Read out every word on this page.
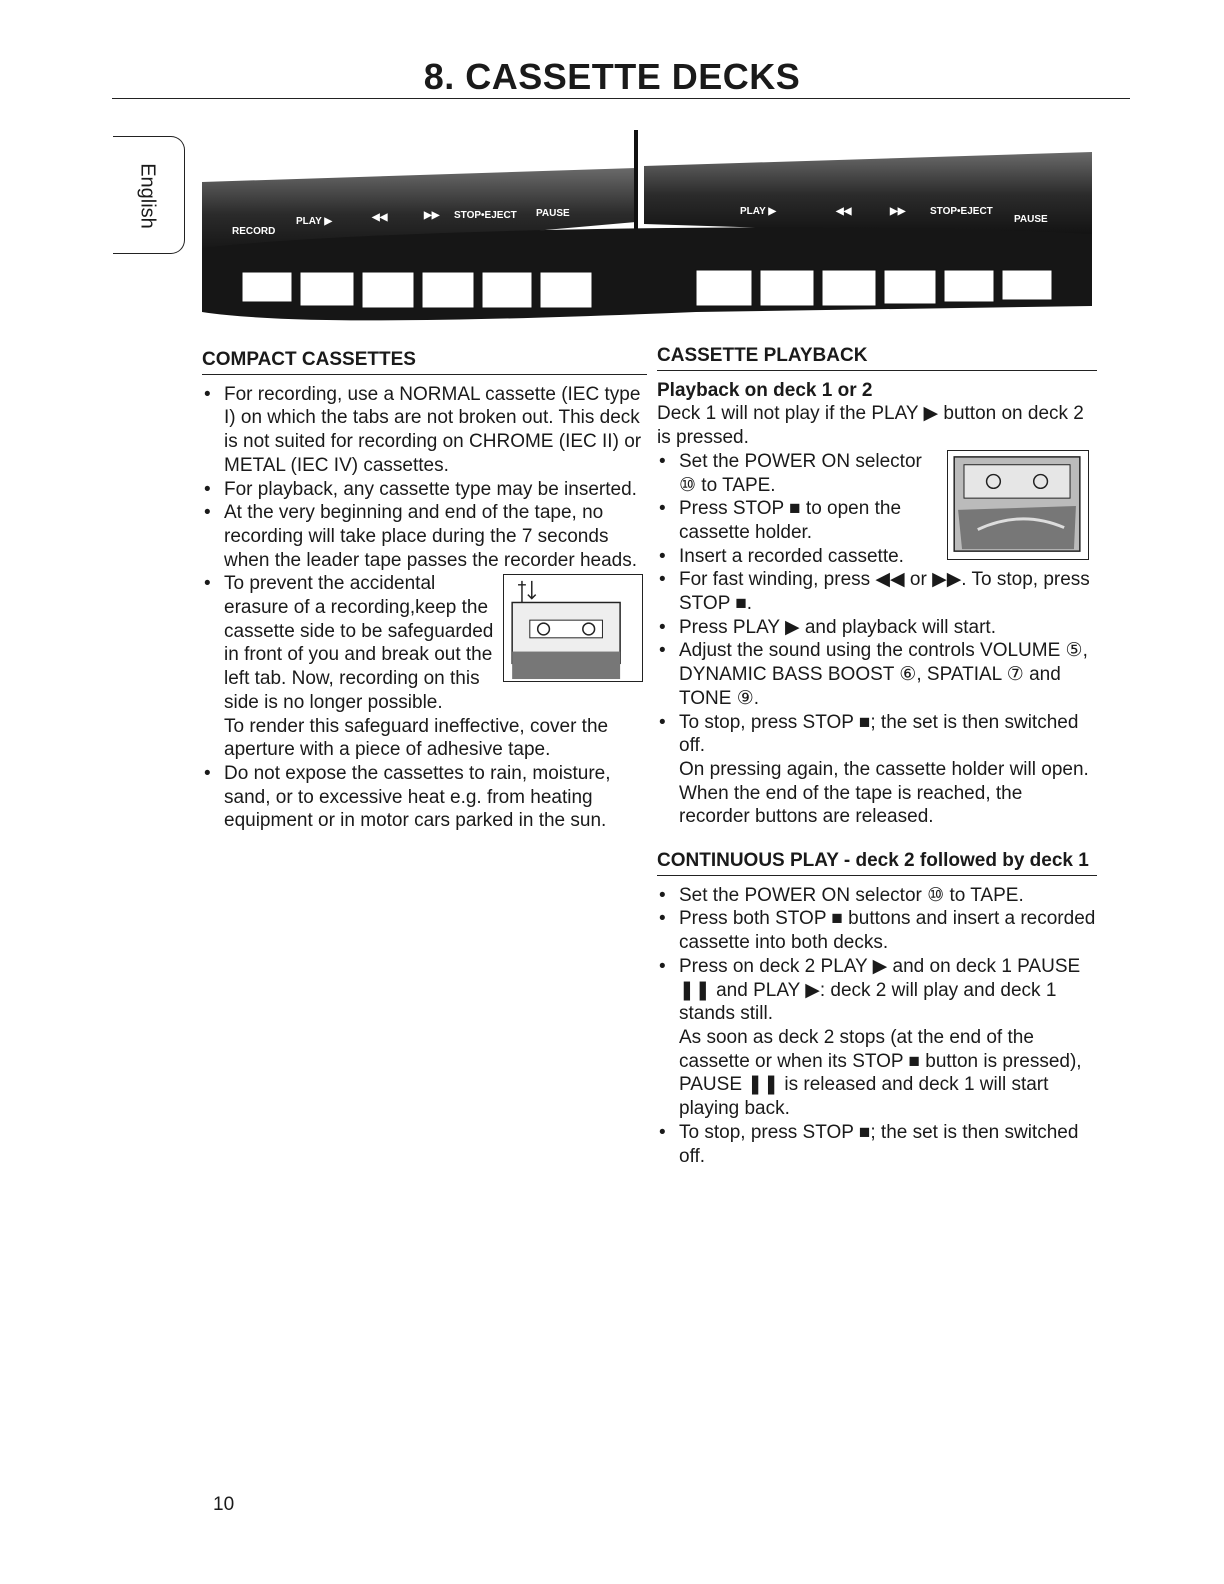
8. CASSETTE DECKS
English
RECORD
PLAY ▶	◀◀	▶▶ STOP•EJECT PAUSE	PLAY ▶	◀◀	▶▶ STOP•EJECT
PAUSE
COMPACT CASSETTES
• For recording, use a NORMAL cassette (IEC type I) on which the tabs are not broken out. This deck is not suited for recording on CHROME (IEC II) or METAL (IEC IV) cassettes.
• For playback, any cassette type may be inserted.
• At the very beginning and end of the tape, no recording will take place during the 7 seconds when the leader tape passes the recorder heads.
• To prevent the accidental erasure of a recording,keep the cassette side to be safeguarded in front of you and break out the left tab. Now, recording on this side is no longer possible.
To render this safeguard ineffective, cover the aperture with a piece of adhesive tape.
• Do not expose the cassettes to rain, moisture, sand, or to excessive heat e.g. from heating equipment or in motor cars parked in the sun.
CASSETTE PLAYBACK

Playback on deck 1 or 2

Deck 1 will not play if the PLAY ▶ button on deck 2 is pressed.

• Set the POWER ON selector ⑩ to TAPE.
• Press STOP ■ to open the cassette holder.
• Insert a recorded cassette.
• For fast winding, press ◀◀ or ▶▶. To stop, press STOP ■.
• Press PLAY ▶ and playback will start.
• Adjust the sound using the controls VOLUME ⑤, DYNAMIC BASS BOOST ⑥, SPATIAL ⑦ and TONE ⑨.
• To stop, press STOP ■; the set is then switched off.
On pressing again, the cassette holder will open.
When the end of the tape is reached, the recorder buttons are released.
CONTINUOUS PLAY - deck 2 followed by deck 1
• Set the POWER ON selector ⑩ to TAPE.
• Press both STOP ■ buttons and insert a recorded cassette into both decks.
• Press on deck 2 PLAY ▶ and on deck 1 PAUSE ❚❚ and PLAY ▶: deck 2 will play and deck 1 stands still.
As soon as deck 2 stops (at the end of the cassette or when its STOP ■ button is pressed), PAUSE ❚❚ is released and deck 1 will start playing back.
• To stop, press STOP ■; the set is then switched off.
10
